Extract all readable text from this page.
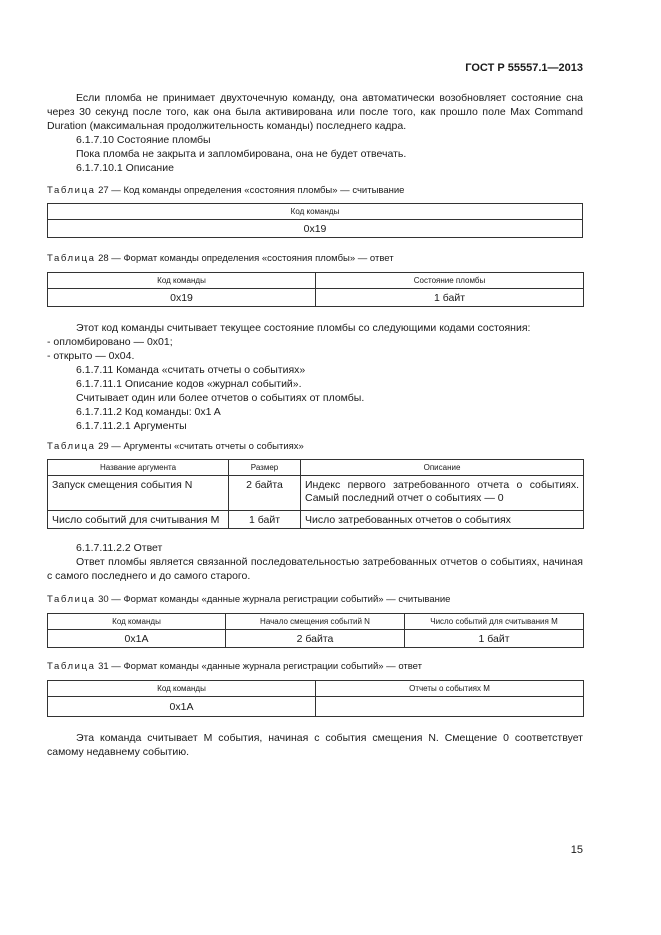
ГОСТ Р 55557.1—2013
Если пломба не принимает двухточечную команду, она автоматически возобновляет состояние сна через 30 секунд после того, как она была активирована или после того, как прошло поле Max Command Duration (максимальная продолжительность команды) последнего кадра.
6.1.7.10 Состояние пломбы
Пока пломба не закрыта и запломбирована, она не будет отвечать.
6.1.7.10.1 Описание
Таблица 27 — Код команды определения «состояния пломбы» — считывание
Код команды
0x19
Таблица 28 — Формат команды определения «состояния пломбы» — ответ
Код команды	Состояние пломбы
0x19	1 байт
Этот код команды считывает текущее состояние пломбы со следующими кодами состояния:
- опломбировано — 0x01;
- открыто — 0x04.
6.1.7.11 Команда «считать отчеты о событиях»
6.1.7.11.1 Описание кодов «журнал событий».
Считывает один или более отчетов о событиях от пломбы.
6.1.7.11.2 Код команды: 0x1 A
6.1.7.11.2.1 Аргументы
Таблица 29 — Аргументы «считать отчеты о событиях»
Название аргумента	Размер	Описание
Запуск смещения события N	2 байта	Индекс первого затребованного отчета о событиях. Самый последний отчет о событиях — 0
Число событий для считывания М	1 байт	Число затребованных отчетов о событиях
6.1.7.11.2.2 Ответ
Ответ пломбы является связанной последовательностью затребованных отчетов о событиях, начиная с самого последнего и до самого старого.
Таблица 30 — Формат команды «данные журнала регистрации событий» — считывание
Код команды	Начало смещения событий N	Число событий для считывания М
0x1A	2 байта	1 байт
Таблица 31 — Формат команды «данные журнала регистрации событий» — ответ
Код команды	Отчеты о событиях М
0x1A	
Эта команда считывает М события, начиная с события смещения N. Смещение 0 соответствует самому недавнему событию.
15
